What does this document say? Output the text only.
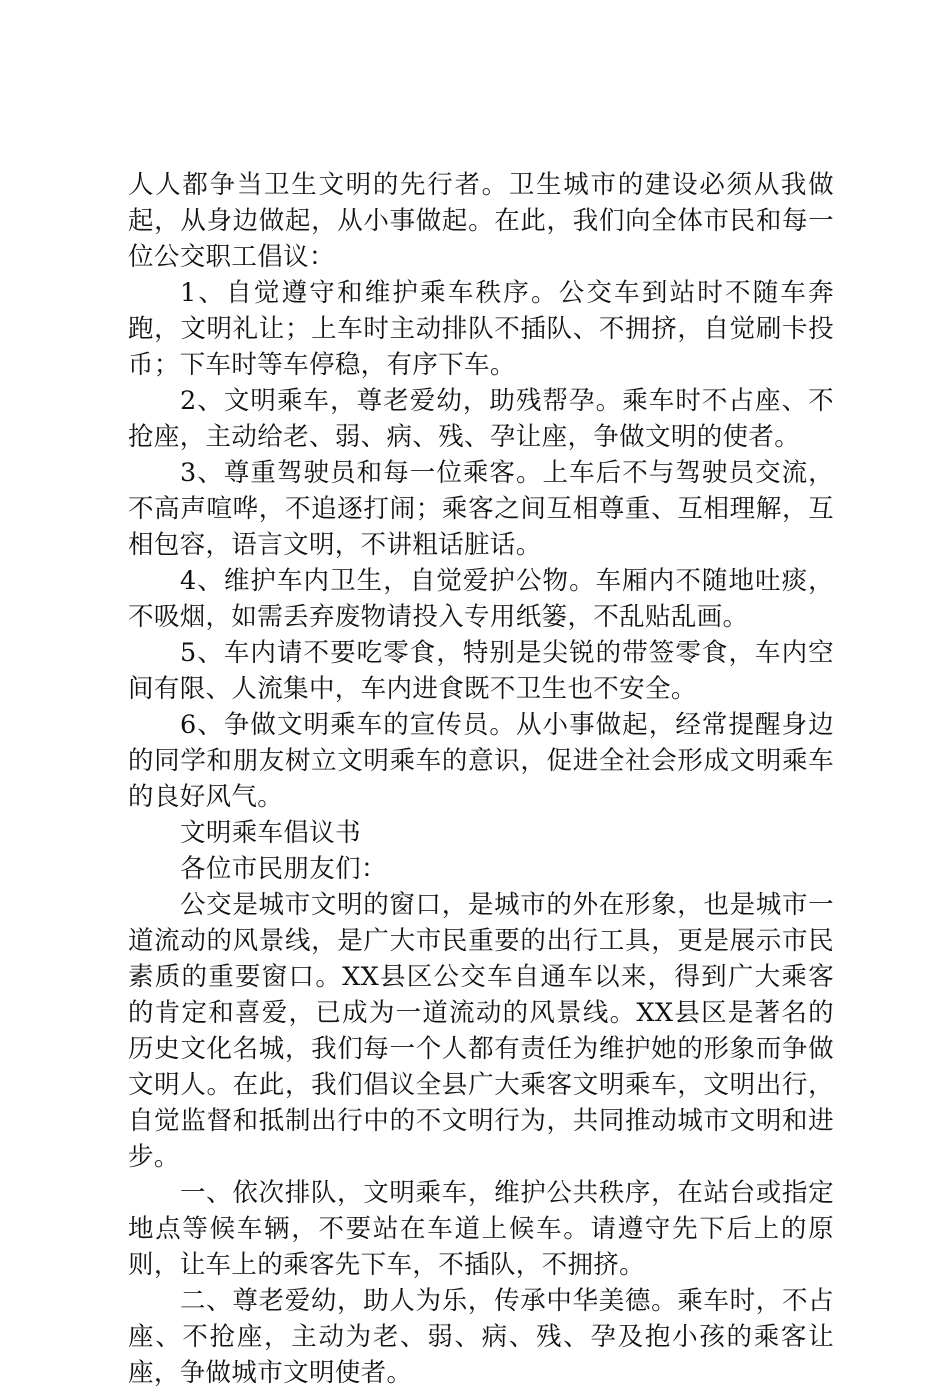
人人都争当卫生文明的先行者。卫生城市的建设必须从我做起，从身边做起，从小事做起。在此，我们向全体市民和每一位公交职工倡议：

1、自觉遵守和维护乘车秩序。公交车到站时不随车奔跑，文明礼让；上车时主动排队不插队、不拥挤，自觉刷卡投币；下车时等车停稳，有序下车。

2、文明乘车，尊老爱幼，助残帮孕。乘车时不占座、不抢座，主动给老、弱、病、残、孕让座，争做文明的使者。

3、尊重驾驶员和每一位乘客。上车后不与驾驶员交流，不高声喧哗，不追逐打闹；乘客之间互相尊重、互相理解，互相包容，语言文明，不讲粗话脏话。

4、维护车内卫生，自觉爱护公物。车厢内不随地吐痰，不吸烟，如需丢弃废物请投入专用纸篓，不乱贴乱画。

5、车内请不要吃零食，特别是尖锐的带签零食，车内空间有限、人流集中，车内进食既不卫生也不安全。

6、争做文明乘车的宣传员。从小事做起，经常提醒身边的同学和朋友树立文明乘车的意识，促进全社会形成文明乘车的良好风气。

文明乘车倡议书

各位市民朋友们：

公交是城市文明的窗口，是城市的外在形象，也是城市一道流动的风景线，是广大市民重要的出行工具，更是展示市民素质的重要窗口。XX县区公交车自通车以来，得到广大乘客的肯定和喜爱，已成为一道流动的风景线。XX县区是著名的历史文化名城，我们每一个人都有责任为维护她的形象而争做文明人。在此，我们倡议全县广大乘客文明乘车，文明出行，自觉监督和抵制出行中的不文明行为，共同推动城市文明和进步。

一、依次排队，文明乘车，维护公共秩序，在站台或指定地点等候车辆，不要站在车道上候车。请遵守先下后上的原则，让车上的乘客先下车，不插队，不拥挤。

二、尊老爱幼，助人为乐，传承中华美德。乘车时，不占座、不抢座，主动为老、弱、病、残、孕及抱小孩的乘客让座，争做城市文明使者。
